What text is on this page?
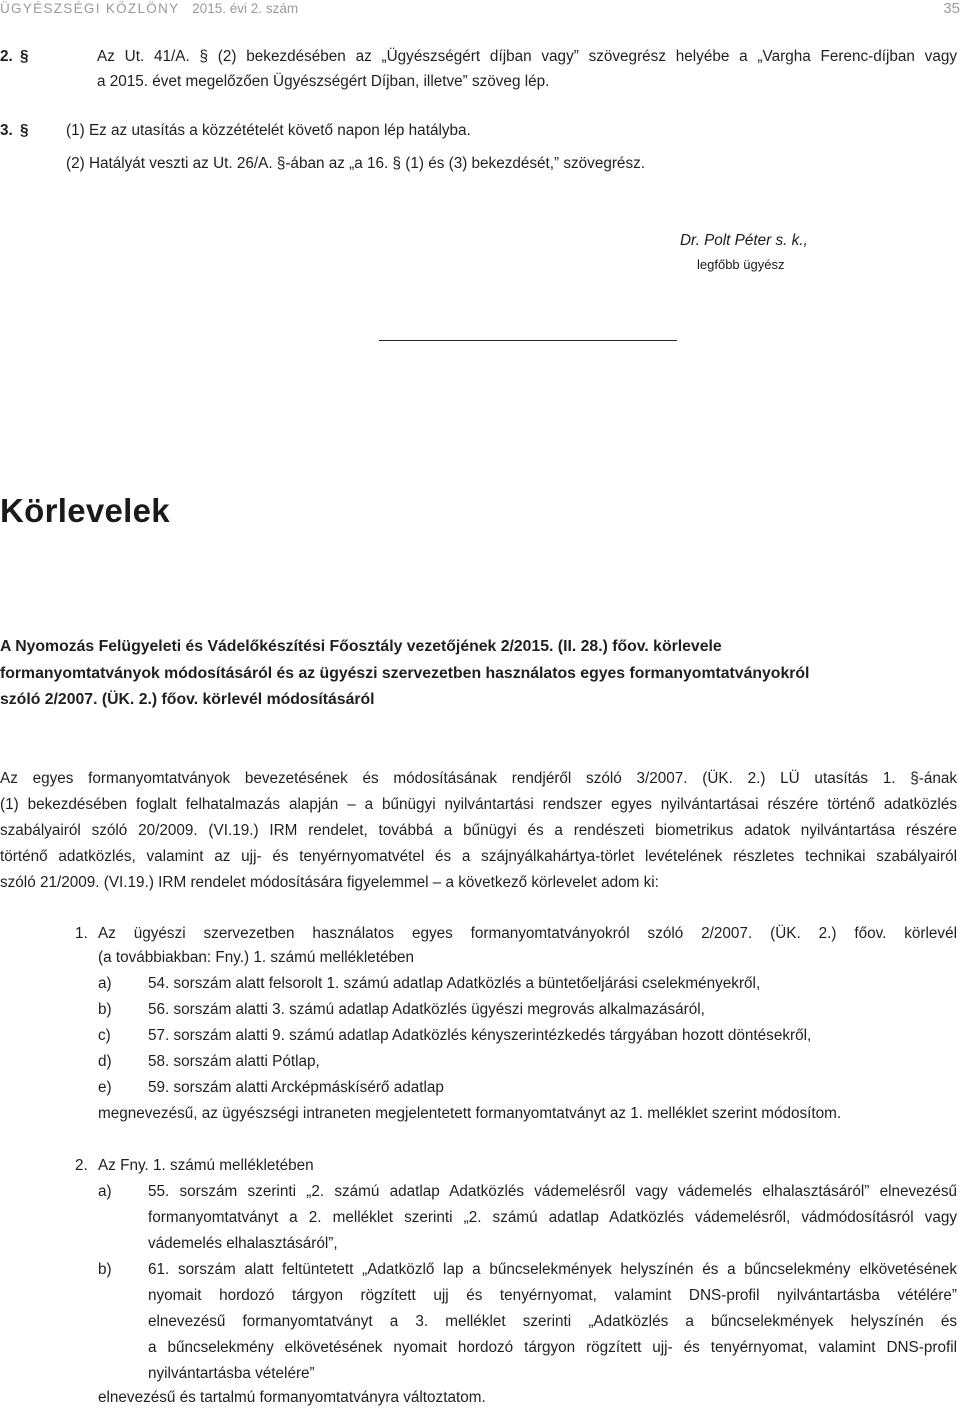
ÜGYÉSZSÉGI KÖZLÖNY 2015. évi 2. szám	35
2. §	Az Ut. 41/A. § (2) bekezdésében az „Ügyészségért díjban vagy” szövegrész helyébe a „Vargha Ferenc-díjban vagy
a 2015. évet megelőzően Ügyészségért Díjban, illetve” szöveg lép.
3. § (1) Ez az utasítás a közzétételét követő napon lép hatályba.
(2) Hatályát veszti az Ut. 26/A. §-ában az „a 16. § (1) és (3) bekezdését,” szövegrész.
Dr. Polt Péter s. k.,
legfőbb ügyész
Körlevelek
A Nyomozás Felügyeleti és Vádelőkészítési Főosztály vezetőjének 2/2015. (II. 28.) főov. körlevele
formanyomtatványok módosításáról és az ügyészi szervezetben használatos egyes formanyomtatványokról
szóló 2/2007. (ÜK. 2.) főov. körlevél módosításáról
Az egyes formanyomtatványok bevezetésének és módosításának rendjéről szóló 3/2007. (ÜK. 2.) LÜ utasítás 1. §-ának
(1) bekezdésében foglalt felhatalmazás alapján – a bűnügyi nyilvántartási rendszer egyes nyilvántartásai részére történő adatközlés
szabályairól szóló 20/2009. (VI.19.) IRM rendelet, továbbá a bűnügyi és a rendészeti biometrikus adatok nyilvántartása részére
történő adatközlés, valamint az ujj- és tenyérnyomatvétel és a szájnyálkahártya-törlet levételének részletes technikai szabályairól
szóló 21/2009. (VI.19.) IRM rendelet módosítására figyelemmel – a következő körlevelet adom ki:
1. Az ügyészi szervezetben használatos egyes formanyomtatványokról szóló 2/2007. (ÜK. 2.) főov. körlevél
(a továbbiakban: Fny.) 1. számú mellékletében
a) 54. sorszám alatt felsorolt 1. számú adatlap Adatközlés a büntetőeljárási cselekményekről,
b) 56. sorszám alatti 3. számú adatlap Adatközlés ügyészi megrovás alkalmazásáról,
c) 57. sorszám alatti 9. számú adatlap Adatközlés kényszerintézkedés tárgyában hozott döntésekről,
d) 58. sorszám alatti Pótlap,
e) 59. sorszám alatti Arcképmáskísérő adatlap
megnevezésű, az ügyészségi intraneten megjelentetett formanyomtatványt az 1. melléklet szerint módosítom.
2. Az Fny. 1. számú mellékletében
a) 55. sorszám szerinti „2. számú adatlap Adatközlés vádemelésről vagy vádemelés elhalasztásáról” elnevezésű
formanyomtatványt a 2. melléklet szerinti „2. számú adatlap Adatközlés vádemelésről, vádmódosításról vagy
vádemelés elhalasztásáról”,
b) 61. sorszám alatt feltüntetett „Adatközlő lap a bűncselekmények helyszínén és a bűncselekmény elkövetésének
nyomait hordozó tárgyon rögzített ujj és tenyérnyomat, valamint DNS-profil nyilvántartásba vétélére”
elnevezésű formanyomtatványt a 3. melléklet szerinti „Adatközlés a bűncselekmények helyszínén és
a bűncselekmény elkövetésének nyomait hordozó tárgyon rögzített ujj- és tenyérnyomat, valamint DNS-profil
nyilvántartásba vételére”
elnevezésű és tartalmú formanyomtatványra változtatom.
